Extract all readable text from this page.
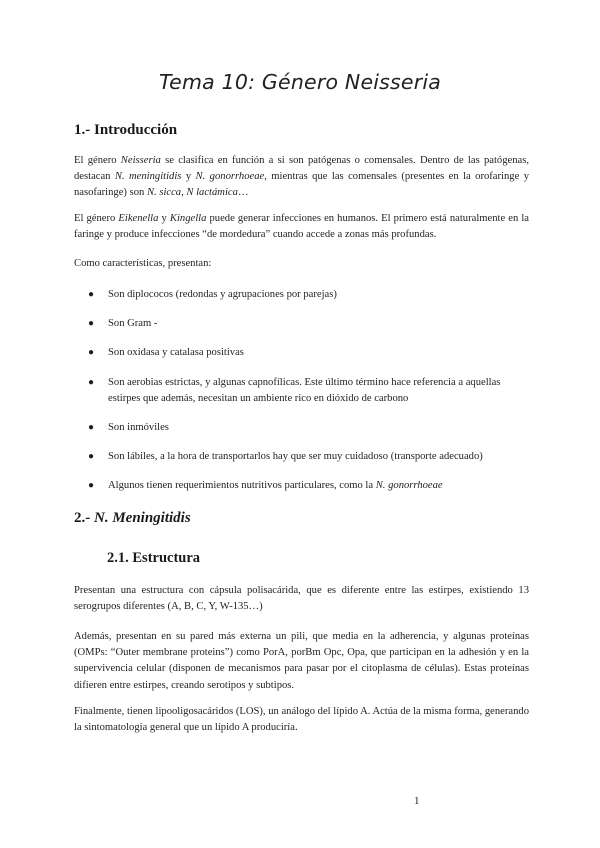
Tema 10: Género Neisseria
1.- Introducción

El género Neisseria se clasifica en función a si son patógenas o comensales. Dentro de las patógenas, destacan N. meningitidis y N. gonorrhoeae, mientras que las comensales (presentes en la orofaringe y nasofaringe) son N. sicca, N lactámica…

El género Eikenella y Kingella puede generar infecciones en humanos. El primero está naturalmente en la faringe y produce infecciones “de mordedura” cuando accede a zonas más profundas.

Como características, presentan:

● Son diplococos (redondas y agrupaciones por parejas)
● Son Gram -
● Son oxidasa y catalasa positivas
● Son aerobias estrictas, y algunas capnofílicas. Este último término hace referencia a aquellas estirpes que además, necesitan un ambiente rico en dióxido de carbono
● Son inmóviles
● Son lábiles, a la hora de transportarlos hay que ser muy cuidadoso (transporte adecuado)
● Algunos tienen requerimientos nutritivos particulares, como la N. gonorrhoeae
2.- N. Meningitidis
2.1. Estructura

Presentan una estructura con cápsula polisacárida, que es diferente entre las estirpes, existiendo 13 serogrupos diferentes (A, B, C, Y, W-135…)

Además, presentan en su pared más externa un pili, que media en la adherencia, y algunas proteínas (OMPs: “Outer membrane proteins”) como PorA, porBm Opc, Opa, que participan en la adhesión y en la supervivencia celular (disponen de mecanismos para pasar por el citoplasma de células). Estas proteínas difieren entre estirpes, creando serotipos y subtipos.

Finalmente, tienen lipooligosacáridos (LOS), un análogo del lípido A. Actúa de la misma forma, generando la sintomatología general que un lípido A produciría.

1
